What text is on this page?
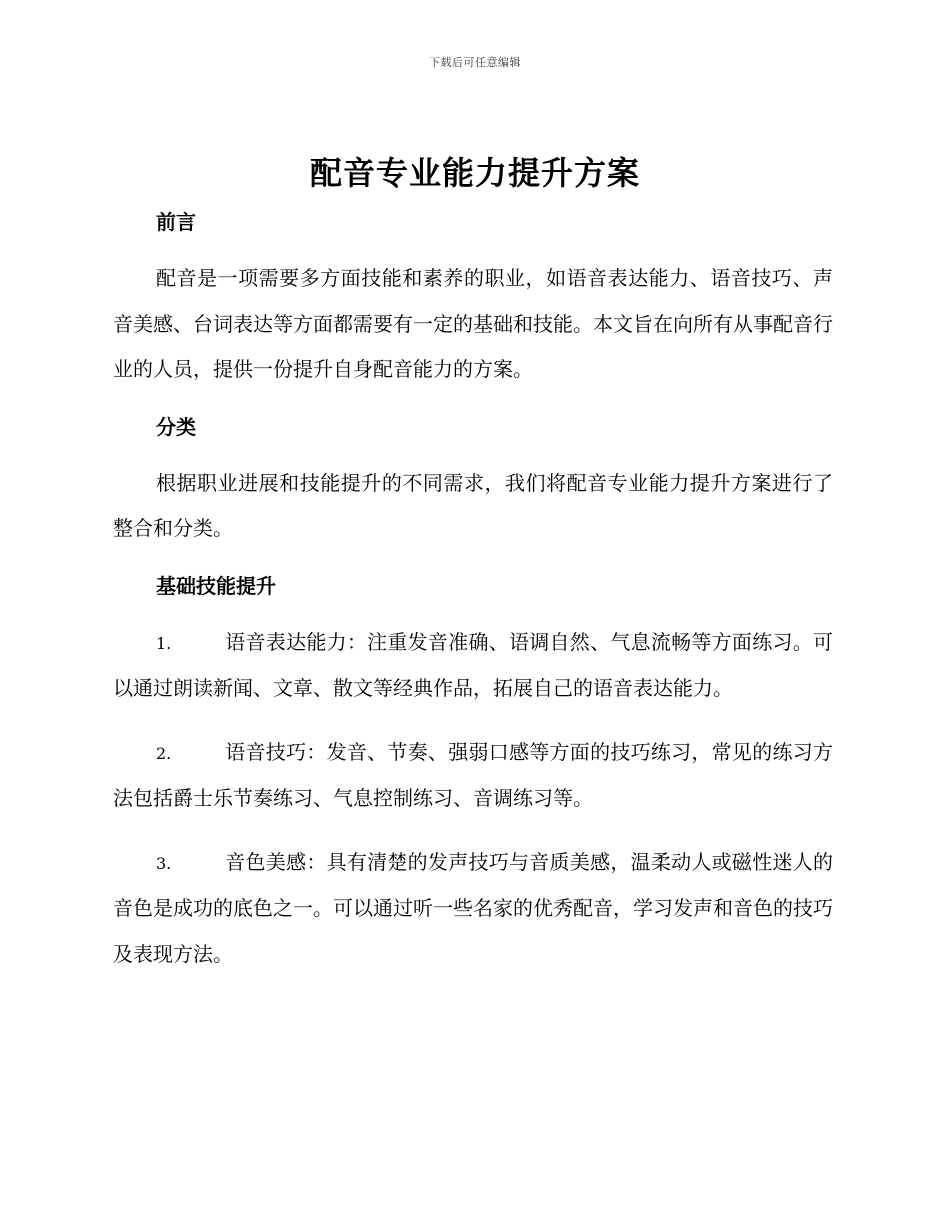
下载后可任意编辑
配音专业能力提升方案
前言

配音是一项需要多方面技能和素养的职业，如语音表达能力、语音技巧、声音美感、台词表达等方面都需要有一定的基础和技能。本文旨在向所有从事配音行业的人员，提供一份提升自身配音能力的方案。

分类

根据职业进展和技能提升的不同需求，我们将配音专业能力提升方案进行了整合和分类。

基础技能提升

1.	语音表达能力：注重发音准确、语调自然、气息流畅等方面练习。可以通过朗读新闻、文章、散文等经典作品，拓展自己的语音表达能力。

2.	语音技巧：发音、节奏、强弱口感等方面的技巧练习，常见的练习方法包括爵士乐节奏练习、气息控制练习、音调练习等。

3.	音色美感：具有清楚的发声技巧与音质美感，温柔动人或磁性迷人的音色是成功的底色之一。可以通过听一些名家的优秀配音，学习发声和音色的技巧及表现方法。
